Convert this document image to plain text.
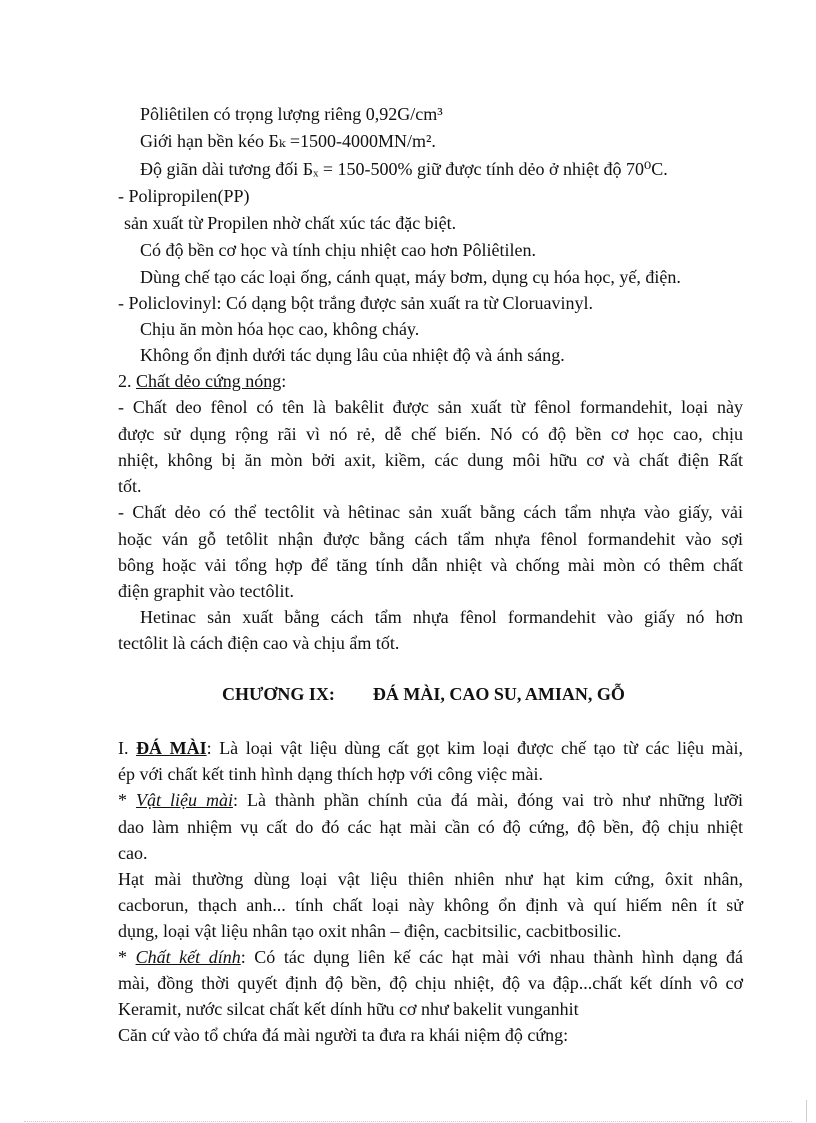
Pôliêtilen có trọng lượng riêng 0,92G/cm³
Giới hạn bền kéo Бₖ =1500-4000MN/m².
Độ giãn dài tương đối Бₓ = 150-500% giữ được tính dẻo ở nhiệt độ 70⁰C.
- Polipropilen(PP)
sản xuất từ Propilen nhờ chất xúc tác đặc biệt.
Có độ bền cơ học và tính chịu nhiệt cao hơn Pôliêtilen.
Dùng chế tạo các loại ống, cánh quạt, máy bơm, dụng cụ hóa học, yế, điện.
- Policlovinyl: Có dạng bột trắng được sản xuất ra từ Cloruavinyl.
Chịu ăn mòn hóa học cao, không cháy.
Không ổn định dưới tác dụng lâu của nhiệt độ và ánh sáng.
2. Chất dẻo cứng nóng:
- Chất deo fênol có tên là bakêlit được sản xuất từ fênol formandehit, loại này
được sử dụng rộng rãi vì nó rẻ, dễ chế biến. Nó có độ bền cơ học cao, chịu
nhiệt, không bị ăn mòn bởi axit, kiềm, các dung môi hữu cơ và chất điện Rất
tốt.
- Chất dẻo có thể tectôlit và hêtinac sản xuất bằng cách tẩm nhựa vào giấy, vải
hoặc ván gỗ tetôlit nhận được bằng cách tẩm nhựa fênol formandehit vào sợi
bông hoặc vải tổng hợp để tăng tính dẫn nhiệt và chống mài mòn có thêm chất
điện graphit vào tectôlit.
Hetinac sản xuất bằng cách tẩm nhựa fênol formandehit vào giấy nó hơn
tectôlit là cách điện cao và chịu ẩm tốt.
CHƯƠNG IX: ĐÁ MÀI, CAO SU, AMIAN, GỖ
I. ĐÁ MÀI: Là loại vật liệu dùng cất gọt kim loại được chế tạo từ các liệu mài,
ép với chất kết tinh hình dạng thích hợp với công việc mài.
* Vật liệu mài: Là thành phần chính của đá mài, đóng vai trò như những lưỡi
dao làm nhiệm vụ cất do đó các hạt mài cần có độ cứng, độ bền, độ chịu nhiệt
cao.
Hạt mài thường dùng loại vật liệu thiên nhiên như hạt kim cứng, ôxit nhân,
cacborun, thạch anh... tính chất loại này không ổn định và quí hiếm nên ít sử
dụng, loại vật liệu nhân tạo oxit nhân – điện, cacbitsilic, cacbitbosilic.
* Chất kết dính: Có tác dụng liên kế các hạt mài với nhau thành hình dạng đá
mài, đồng thời quyết định độ bền, độ chịu nhiệt, độ va đập...chất kết dính vô cơ
Keramit, nước silcat chất kết dính hữu cơ như bakelit vunganhit
Căn cứ vào tổ chứa đá mài người ta đưa ra khái niệm độ cứng:
